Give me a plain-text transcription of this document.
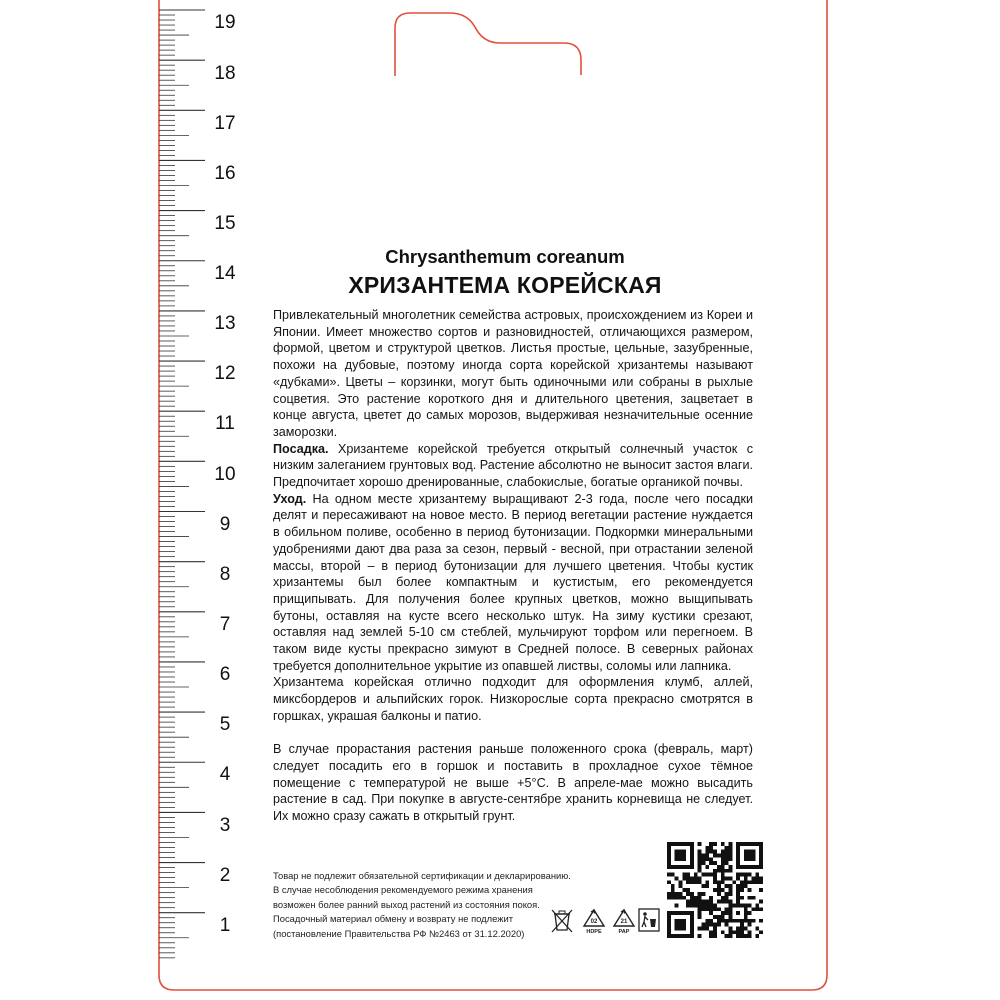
19
18
17
16
15
14
13
12
11
10
9
8
7
6
5
4
3
2
1
Chrysanthemum coreanum
ХРИЗАНТЕМА КОРЕЙСКАЯ

Привлекательный многолетник семейства астровых, происхождением из Кореи и Японии. Имеет множество сортов и разновидностей, отличающихся размером, формой, цветом и структурой цветков. Листья простые, цельные, зазубренные, похожи на дубовые, поэтому иногда сорта корейской хризантемы называют «дубками». Цветы – корзинки, могут быть одиночными или собраны в рыхлые соцветия. Это растение короткого дня и длительного цветения, зацветает в конце августа, цветет до самых морозов, выдерживая незначительные осенние заморозки.

Посадка. Хризантеме корейской требуется открытый солнечный участок с низким залеганием грунтовых вод. Растение абсолютно не выносит застоя влаги. Предпочитает хорошо дренированные, слабокислые, богатые органикой почвы.

Уход. На одном месте хризантему выращивают 2-3 года, после чего посадки делят и пересаживают на новое место. В период вегетации растение нуждается в обильном поливе, особенно в период бутонизации. Подкормки минеральными удобрениями дают два раза за сезон, первый - весной, при отрастании зеленой массы, второй – в период бутонизации для лучшего цветения. Чтобы кустик хризантемы был более компактным и кустистым, его рекомендуется прищипывать. Для получения более крупных цветков, можно выщипывать бутоны, оставляя на кусте всего несколько штук. На зиму кустики срезают, оставляя над землей 5-10 см стеблей, мульчируют торфом или перегноем. В таком виде кусты прекрасно зимуют в Средней полосе. В северных районах требуется дополнительное укрытие из опавшей листвы, соломы или лапника.

Хризантема корейская отлично подходит для оформления клумб, аллей, миксбордеров и альпийских горок. Низкорослые сорта прекрасно смотрятся в горшках, украшая балконы и патио.

В случае прорастания растения раньше положенного срока (февраль, март) следует посадить его в горшок и поставить в прохладное сухое тёмное помещение с температурой не выше +5°C. В апреле-мае можно высадить растение в сад. При покупке в августе-сентябре хранить корневища не следует. Их можно сразу сажать в открытый грунт.

Товар не подлежит обязательной сертификации и декларированию.
В случае несоблюдения рекомендуемого режима хранения
возможен более ранний выход растений из состояния покоя.
Посадочный материал обмену и возврату не подлежит
(постановление Правительства РФ №2463 от 31.12.2020)
02
HDPE
21
PAP
